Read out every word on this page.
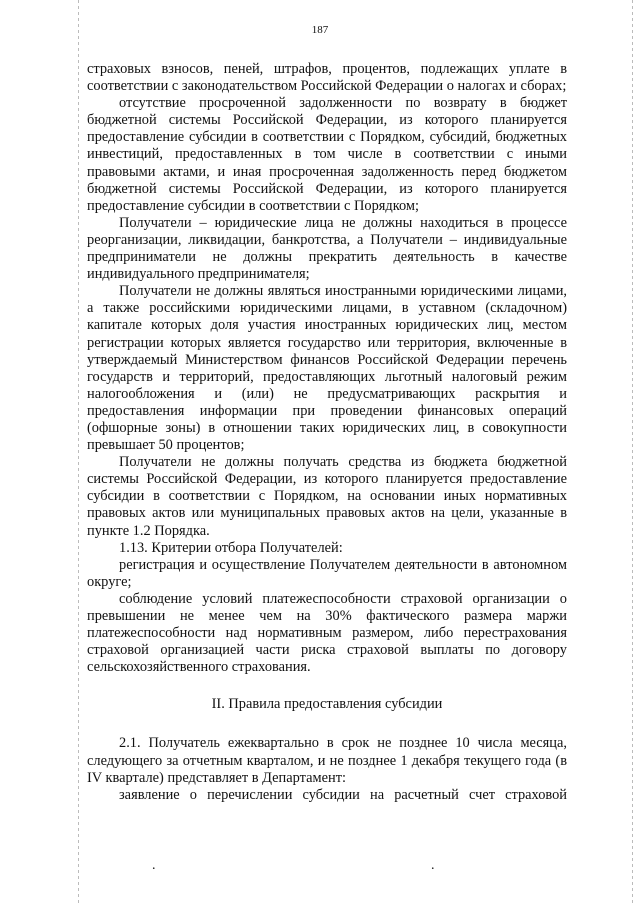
187

страховых взносов, пеней, штрафов, процентов, подлежащих уплате в соответствии с законодательством Российской Федерации о налогах и сборах;

отсутствие просроченной задолженности по возврату в бюджет бюджетной системы Российской Федерации, из которого планируется предоставление субсидии в соответствии с Порядком, субсидий, бюджетных инвестиций, предоставленных в том числе в соответствии с иными правовыми актами, и иная просроченная задолженность перед бюджетом бюджетной системы Российской Федерации, из которого планируется предоставление субсидии в соответствии с Порядком;

Получатели – юридические лица не должны находиться в процессе реорганизации, ликвидации, банкротства, а Получатели – индивидуальные предприниматели не должны прекратить деятельность в качестве индивидуального предпринимателя;

Получатели не должны являться иностранными юридическими лицами, а также российскими юридическими лицами, в уставном (складочном) капитале которых доля участия иностранных юридических лиц, местом регистрации которых является государство или территория, включенные в утверждаемый Министерством финансов Российской Федерации перечень государств и территорий, предоставляющих льготный налоговый режим налогообложения и (или) не предусматривающих раскрытия и предоставления информации при проведении финансовых операций (офшорные зоны) в отношении таких юридических лиц, в совокупности превышает 50 процентов;

Получатели не должны получать средства из бюджета бюджетной системы Российской Федерации, из которого планируется предоставление субсидии в соответствии с Порядком, на основании иных нормативных правовых актов или муниципальных правовых актов на цели, указанные в пункте 1.2 Порядка.

1.13. Критерии отбора Получателей:

регистрация и осуществление Получателем деятельности в автономном округе;

соблюдение условий платежеспособности страховой организации о превышении не менее чем на 30% фактического размера маржи платежеспособности над нормативным размером, либо перестрахования страховой организацией части риска страховой выплаты по договору сельскохозяйственного страхования.

II. Правила предоставления субсидии

2.1. Получатель ежеквартально в срок не позднее 10 числа месяца, следующего за отчетным кварталом, и не позднее 1 декабря текущего года (в IV квартале) представляет в Департамент:

заявление о перечислении субсидии на расчетный счет страховой

.	.
